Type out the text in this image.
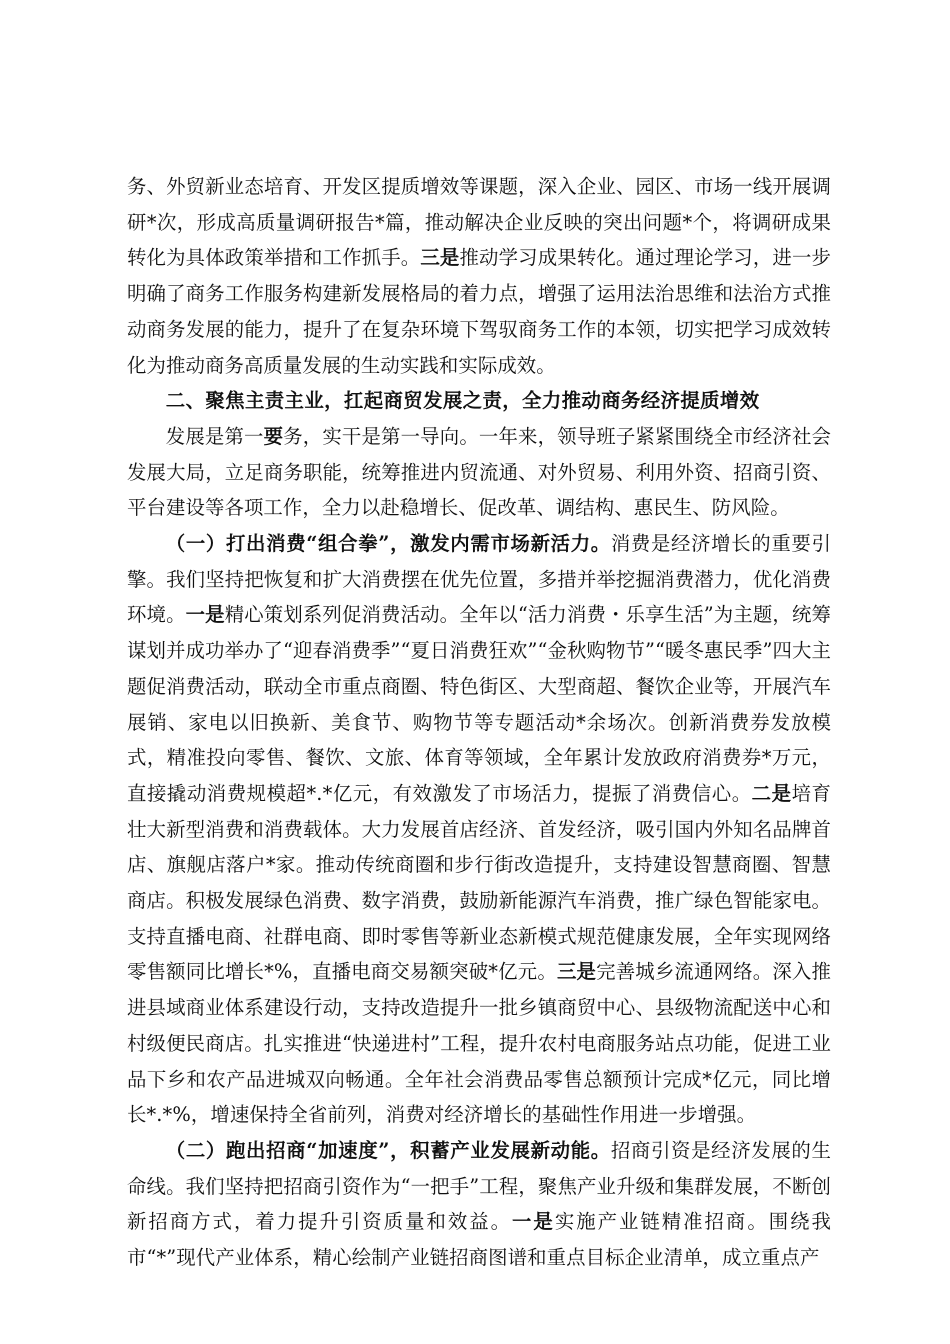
务、外贸新业态培育、开发区提质增效等课题，深入企业、园区、市场一线开展调研*次，形成高质量调研报告*篇，推动解决企业反映的突出问题*个，将调研成果转化为具体政策举措和工作抓手。三是推动学习成果转化。通过理论学习，进一步明确了商务工作服务构建新发展格局的着力点，增强了运用法治思维和法治方式推动商务发展的能力，提升了在复杂环境下驾驭商务工作的本领，切实把学习成效转化为推动商务高质量发展的生动实践和实际成效。

二、聚焦主责主业，扛起商贸发展之责，全力推动商务经济提质增效

发展是第一要务，实干是第一导向。一年来，领导班子紧紧围绕全市经济社会发展大局，立足商务职能，统筹推进内贸流通、对外贸易、利用外资、招商引资、平台建设等各项工作，全力以赴稳增长、促改革、调结构、惠民生、防风险。

（一）打出消费“组合拳”，激发内需市场新活力。消费是经济增长的重要引擎。我们坚持把恢复和扩大消费摆在优先位置，多措并举挖掘消费潜力，优化消费环境。一是精心策划系列促消费活动。全年以“活力消费・乐享生活”为主题，统筹谋划并成功举办了“迎春消费季”“夏日消费狂欢”“金秋购物节”“暖冬惠民季”四大主题促消费活动，联动全市重点商圈、特色街区、大型商超、餐饮企业等，开展汽车展销、家电以旧换新、美食节、购物节等专题活动*余场次。创新消费券发放模式，精准投向零售、餐饮、文旅、体育等领域，全年累计发放政府消费券*万元，直接撬动消费规模超*.*亿元，有效激发了市场活力，提振了消费信心。二是培育壮大新型消费和消费载体。大力发展首店经济、首发经济，吸引国内外知名品牌首店、旗舰店落户*家。推动传统商圈和步行街改造提升，支持建设智慧商圈、智慧商店。积极发展绿色消费、数字消费，鼓励新能源汽车消费，推广绿色智能家电。支持直播电商、社群电商、即时零售等新业态新模式规范健康发展，全年实现网络零售额同比增长*%，直播电商交易额突破*亿元。三是完善城乡流通网络。深入推进县域商业体系建设行动，支持改造提升一批乡镇商贸中心、县级物流配送中心和村级便民商店。扎实推进“快递进村”工程，提升农村电商服务站点功能，促进工业品下乡和农产品进城双向畅通。全年社会消费品零售总额预计完成*亿元，同比增长*.*%，增速保持全省前列，消费对经济增长的基础性作用进一步增强。

（二）跑出招商“加速度”，积蓄产业发展新动能。招商引资是经济发展的生命线。我们坚持把招商引资作为“一把手”工程，聚焦产业升级和集群发展，不断创新招商方式，着力提升引资质量和效益。一是实施产业链精准招商。围绕我市“*”现代产业体系，精心绘制产业链招商图谱和重点目标企业清单，成立重点产
